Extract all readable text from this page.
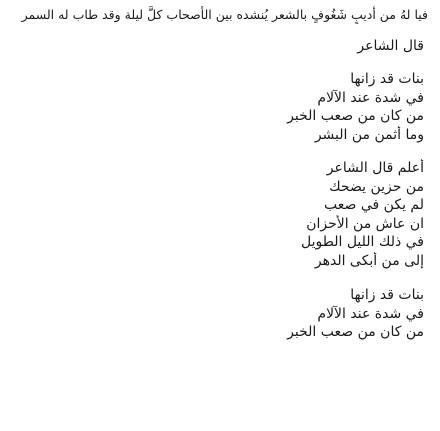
فيا لهُ من أديبٍ شَغُوفٍ بالشعر يُنشده بين الأصحاب كلَّ ليلة وقد طاب له السمر

قال الشاعر

بنات قد زانها

في شدة عند الآلام

من كان من صعب الخبر

وما أثمن من البشر

أعلم قال الشاعر

من حزين يضحك

لم يكن في صعب

ان عاش من الأحزان

في ذلك الليل الطويل

إلى من أبكى الدهر

بنات قد زانها

في شدة عند الآلام

من كان من صعب الخبر
